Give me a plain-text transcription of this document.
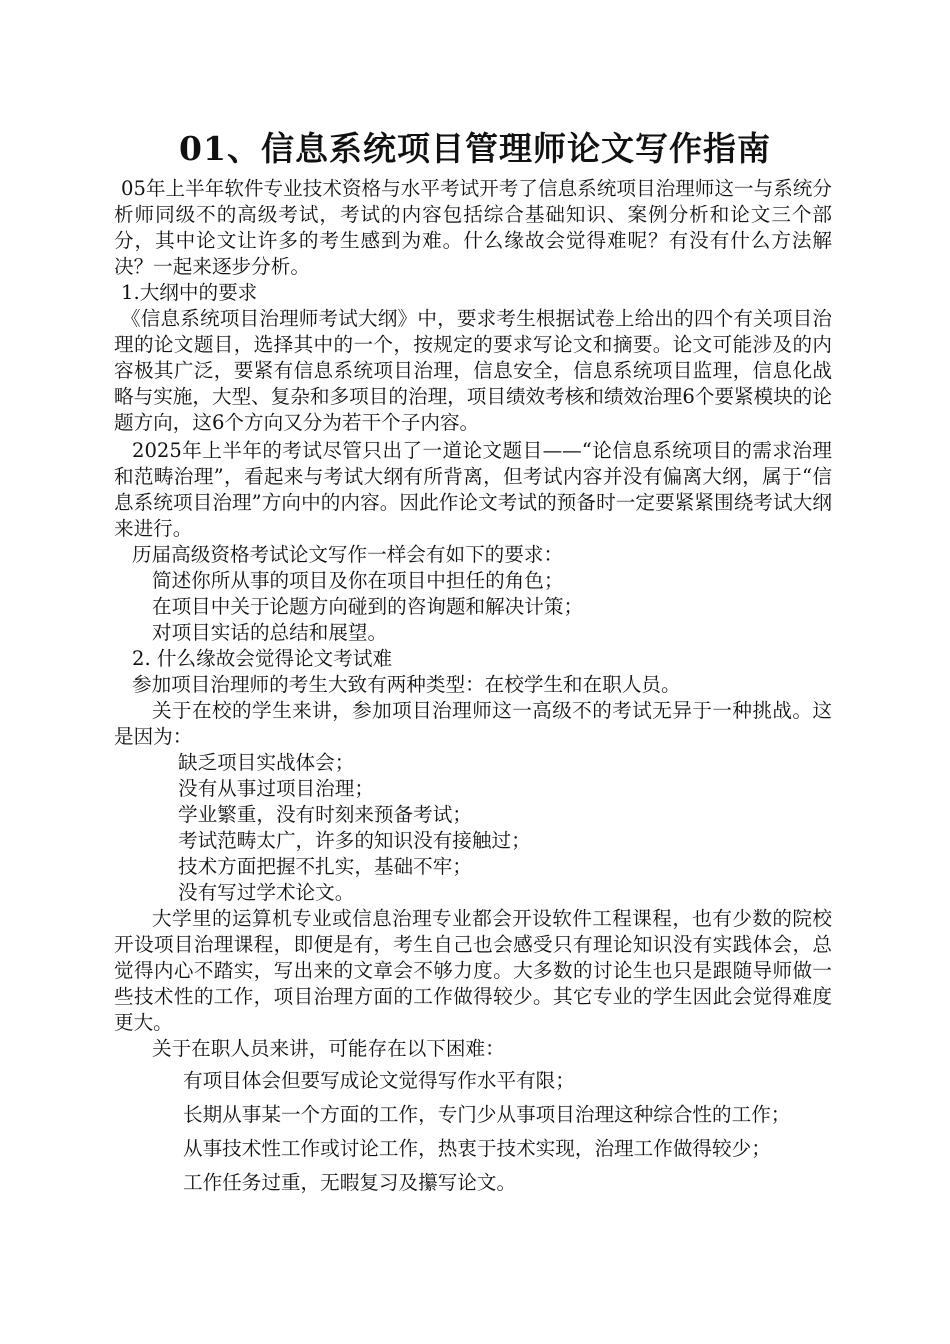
01、信息系统项目管理师论文写作指南

05年上半年软件专业技术资格与水平考试开考了信息系统项目治理师这一与系统分析师同级不的高级考试，考试的内容包括综合基础知识、案例分析和论文三个部分，其中论文让许多的考生感到为难。什么缘故会觉得难呢？有没有什么方法解决？一起来逐步分析。

1.大纲中的要求

《信息系统项目治理师考试大纲》中，要求考生根据试卷上给出的四个有关项目治理的论文题目，选择其中的一个，按规定的要求写论文和摘要。论文可能涉及的内容极其广泛，要紧有信息系统项目治理，信息安全，信息系统项目监理，信息化战略与实施，大型、复杂和多项目的治理，项目绩效考核和绩效治理6个要紧模块的论题方向，这6个方向又分为若干个子内容。

2025年上半年的考试尽管只出了一道论文题目——“论信息系统项目的需求治理和范畴治理”，看起来与考试大纲有所背离，但考试内容并没有偏离大纲，属于“信息系统项目治理”方向中的内容。因此作论文考试的预备时一定要紧紧围绕考试大纲来进行。

历届高级资格考试论文写作一样会有如下的要求：

简述你所从事的项目及你在项目中担任的角色；

在项目中关于论题方向碰到的咨询题和解决计策；

对项目实话的总结和展望。

2. 什么缘故会觉得论文考试难

参加项目治理师的考生大致有两种类型：在校学生和在职人员。

关于在校的学生来讲，参加项目治理师这一高级不的考试无异于一种挑战。这是因为：

缺乏项目实战体会；

没有从事过项目治理；

学业繁重，没有时刻来预备考试；

考试范畴太广，许多的知识没有接触过；

技术方面把握不扎实，基础不牢；

没有写过学术论文。

大学里的运算机专业或信息治理专业都会开设软件工程课程，也有少数的院校开设项目治理课程，即便是有，考生自己也会感受只有理论知识没有实践体会，总觉得内心不踏实，写出来的文章会不够力度。大多数的讨论生也只是跟随导师做一些技术性的工作，项目治理方面的工作做得较少。其它专业的学生因此会觉得难度更大。

关于在职人员来讲，可能存在以下困难：

有项目体会但要写成论文觉得写作水平有限；

长期从事某一个方面的工作，专门少从事项目治理这种综合性的工作；

从事技术性工作或讨论工作，热衷于技术实现，治理工作做得较少；

工作任务过重，无暇复习及攥写论文。
